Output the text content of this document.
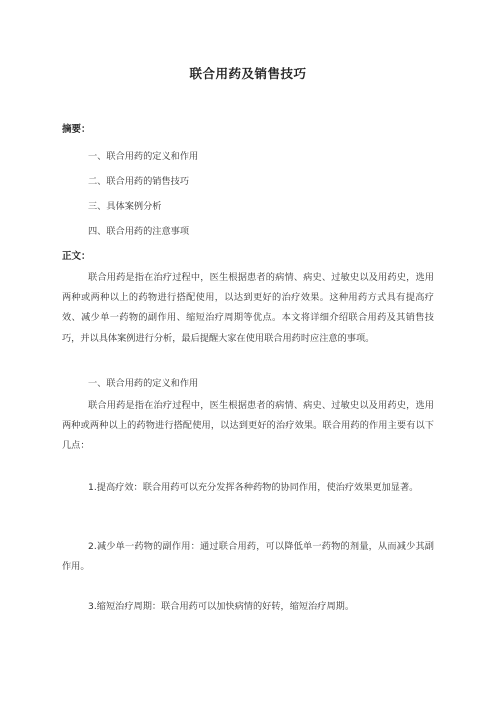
联合用药及销售技巧
摘要：
一、联合用药的定义和作用
二、联合用药的销售技巧
三、具体案例分析
四、联合用药的注意事项
正文：

联合用药是指在治疗过程中，医生根据患者的病情、病史、过敏史以及用药史，选用两种或两种以上的药物进行搭配使用，以达到更好的治疗效果。这种用药方式具有提高疗效、减少单一药物的副作用、缩短治疗周期等优点。本文将详细介绍联合用药及其销售技巧，并以具体案例进行分析，最后提醒大家在使用联合用药时应注意的事项。

一、联合用药的定义和作用

联合用药是指在治疗过程中，医生根据患者的病情、病史、过敏史以及用药史，选用两种或两种以上的药物进行搭配使用，以达到更好的治疗效果。联合用药的作用主要有以下几点：

1.提高疗效：联合用药可以充分发挥各种药物的协同作用，使治疗效果更加显著。

2.减少单一药物的副作用：通过联合用药，可以降低单一药物的剂量，从而减少其副作用。

3.缩短治疗周期：联合用药可以加快病情的好转，缩短治疗周期。
